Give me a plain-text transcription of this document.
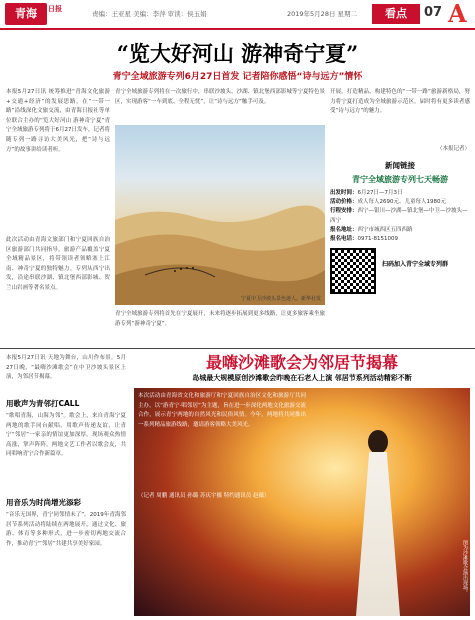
青海	日报
责编：王亚星 美编：李萍 审读：侯玉娟	2019年5月28日 星期二	看点	07 A
“览大好河山 游神奇宁夏”
青宁全域旅游专列6月27日首发 记者陪你感悟“诗与远方”情怀
本报5月27日讯 统筹推进“青海文化旅游+交通+经济”的发展思路，在“一带一路”沿线深化文旅交流，由青海日报社等单位联合主办的“览大好河山 游神奇宁夏”青宁全域旅游专列将于6月27日发车，记者将随专列一路寻访大美风光，把“诗与远方”的故事讲给读者听。
此次活动由青海文旅部门和宁夏回族自治区旅游部门共同指导，旅游产品覆盖宁夏全域精品景区，将带领读者领略塞上江南、神奇宁夏的独特魅力。专列从西宁出发，沿途串联沙湖、镇北堡西部影城、贺兰山岩画等著名景点。
青宁全域旅游专列将在一次旅行中，串联沙坡头、沙湖、镇北堡西部影城等宁夏特色景区，实现游客“一车到底、全程无忧”，让“诗与远方”触手可及。
宁夏中卫沙坡头景色迷人。新华社发
开展，打造精品、构建特色的“一带一路”旅游新格局，努力将宁夏打造成为全域旅游示范区。届时将有更多读者感受“诗与远方”的魅力。
（本报记者）
青宁全域旅游专列将首先在宁夏展开，未来将逐步拓展到更多线路，让更多旅客乘坐旅游专列“游神奇宁夏”。
新闻链接
青宁全域旅游专列七天畅游
出发时间：6月27日—7月3日
活动价格：成人每人2690元、儿童每人1980元
行程安排：西宁—银川—沙湖—镇北堡—中卫—沙坡头—西宁
报名地址：西宁市城西区五四西路
报名电话：0971-8151009
扫码加入青宁全域专列群
本报5月27日讯 天地为舞台，山川作布景。5月27日晚，“最嗨沙滩歌会”在中卫沙坡头景区上演，为邻居节揭幕。
用歌声为青邻打CALL
“歌唱青海，山海为邻”。歌会上，来自青海宁夏两地的歌手同台献唱，用歌声传递友谊，让青宁“邻居”一家亲的情谊更加深厚。现场观众热情高涨，掌声阵阵。两地文艺工作者以歌会友，共同唱响青宁合作新篇章。
用音乐为时尚增光添彩
“音乐无国界，青宁同邻情未了”。2019年青海邻居节系列活动将陆续在两地展开，通过文化、旅游、体育等多种形式，进一步密切两地交流合作，推动青宁“邻居”共建共享美好家园。
最嗨沙滩歌会为邻居节揭幕
岛城最大规模原创沙滩歌会昨晚在石老人上演 邻居节系列活动精彩不断
本次活动由青海省文化和旅游厅和宁夏回族自治区文化和旅游厅共同主办，以“游青宁·唱邻居”为主题，旨在进一步深化两地文化旅游交流合作，展示青宁两地的自然风光和民俗风情。今年，两地将共同推出一系列精品旅游线路，邀请游客领略大美风光。
（记者 周鹏 通讯员 孙璐 苏庆宇摄 特约通讯员 赵薇）
图为沙滩歌会演出现场。
